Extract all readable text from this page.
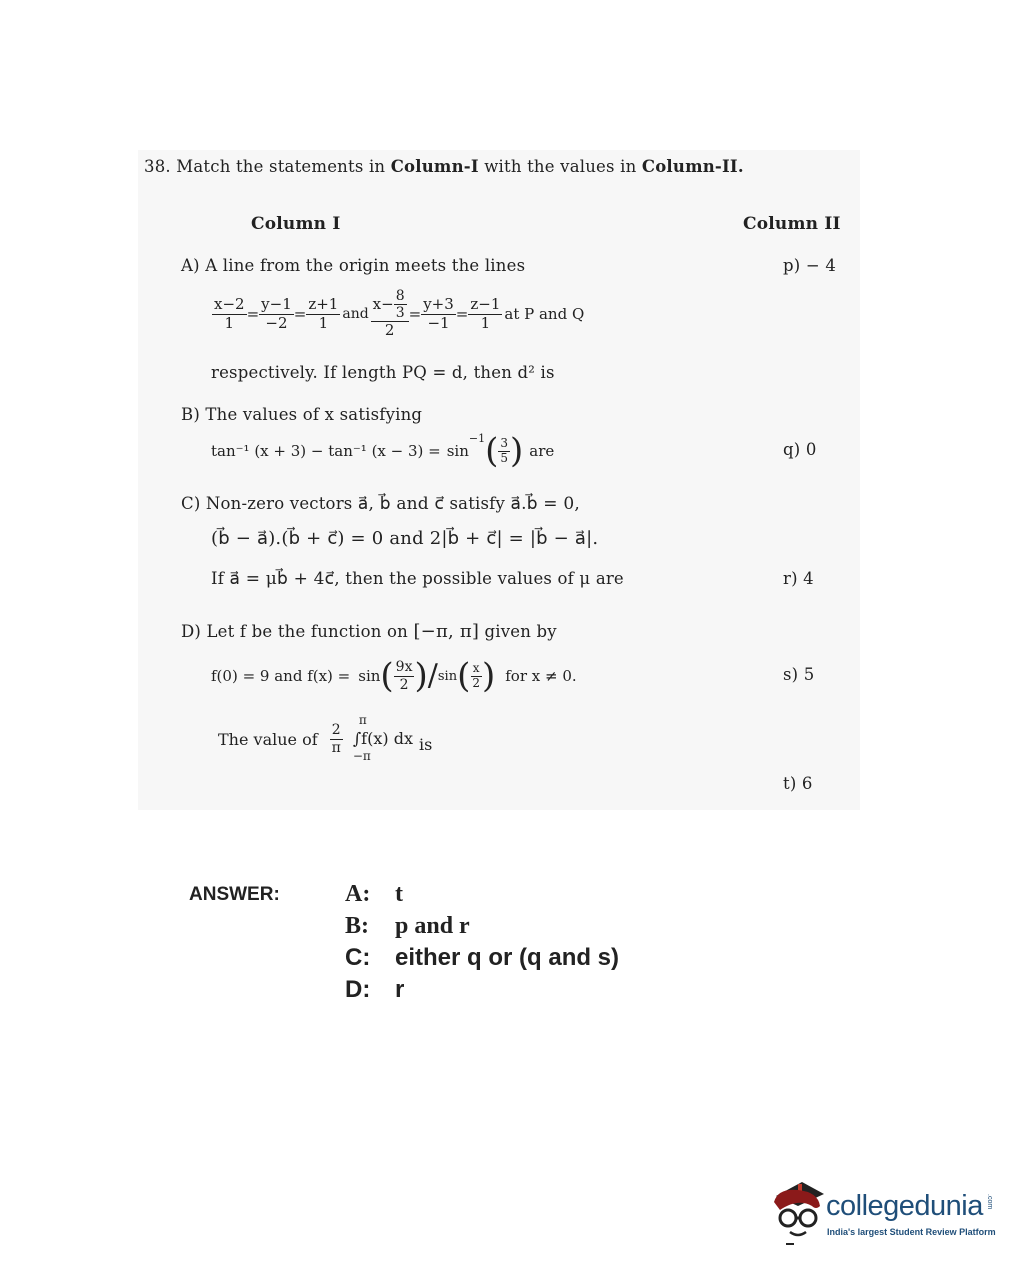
38. Match the statements in Column-I with the values in Column-II.
Column I	Column II
A) A line from the origin meets the lines
$\frac{x-2}{1} = \frac{y-1}{-2} = \frac{z+1}{1}$ and $\frac{x- \frac{8}{3}}{2} = \frac{y+3}{-1} = \frac{z-1}{1}$ at P and Q
respectively. If length PQ = d, then d² is
B) The values of x satisfying
tan⁻¹ (x + 3) − tan⁻¹ (x − 3) = sin
$^{-1}$ ( $\frac{3}{5}$ ) are
C) Non-zero vectors a⃗, b⃗ and c⃗ satisfy a⃗.b⃗ = 0,
(b⃗ − a⃗).(b⃗ + c⃗) = 0 and 2|b⃗ + c⃗| = |b⃗ − a⃗|.
If a⃗ = μb⃗ + 4c⃗, then the possible values of μ are
D) Let f be the function on [−π, π] given by
f(0) = 9 and f(x) = sin ( $\frac{9x}{2}$ ) / sin ( $\frac{x}{2}$ ) for x ≠ 0.
The value of $\frac{2}{\pi}$
π
∫f(x) dx
−π
is
p) − 4
q) 0
r) 4
s) 5
t) 6
ANSWER:	A: t
B: p and r
C: either q or (q and s)
D: r
collegedunia .com
India's largest Student Review Platform
